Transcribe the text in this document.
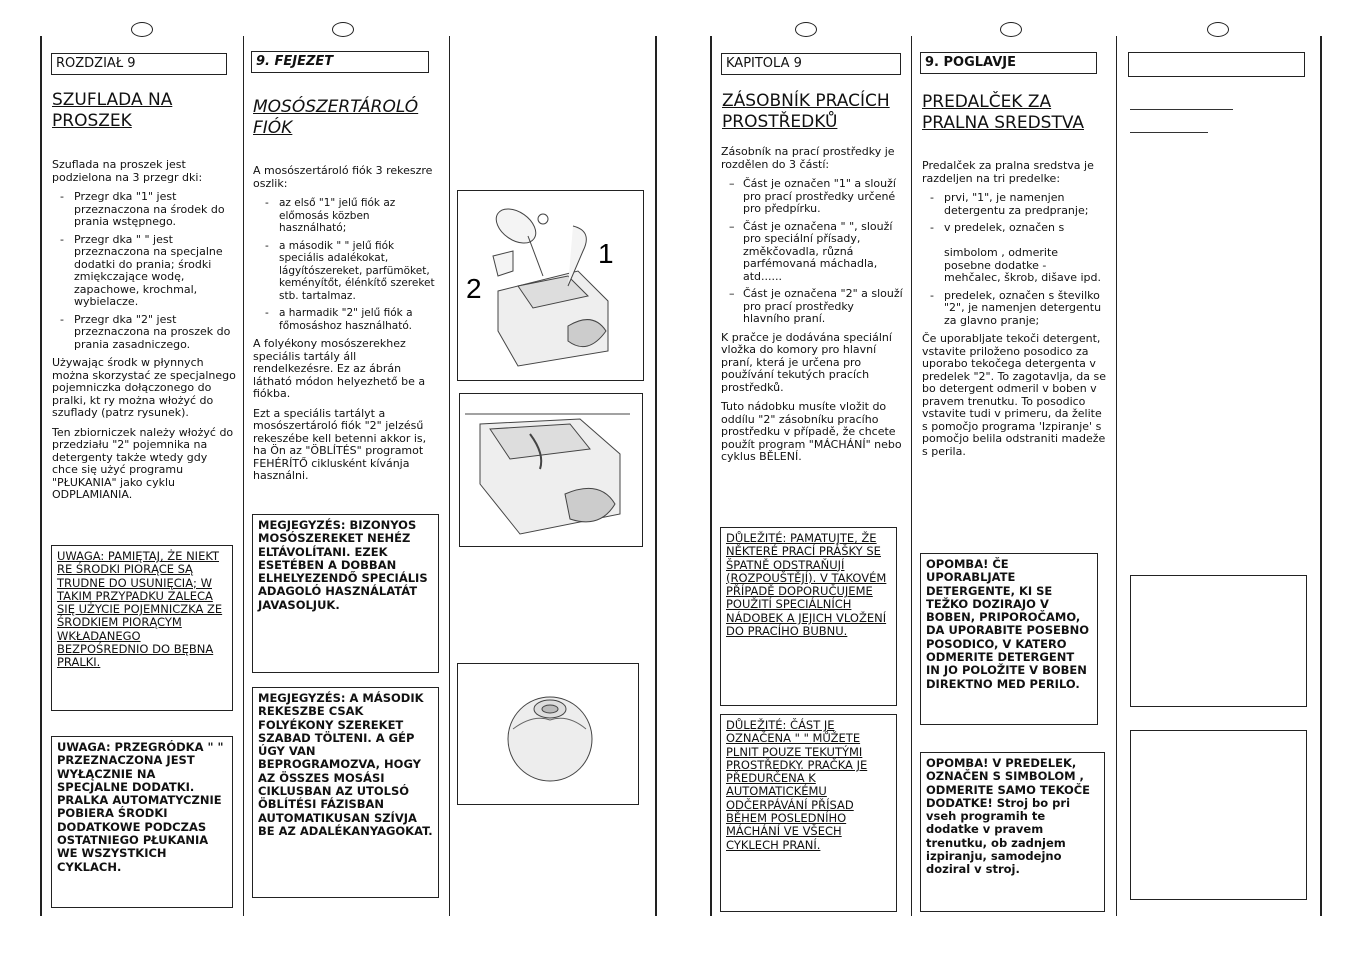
ROZDZIAŁ 9
SZUFLADA NA PROSZEK

Szuflada na proszek jest podzielona na 3 przegr dki:

- Przegr dka "1" jest przeznaczona na środek do prania wstępnego.
- Przegr dka " " jest przeznaczona na specjalne dodatki do prania; środki zmiękczające wodę, zapachowe, krochmal, wybielacze.
- Przegr dka "2" jest przeznaczona na proszek do prania zasadniczego.

Używając środk w płynnych można skorzystać ze specjalnego pojemniczka dołączonego do pralki, kt ry można włożyć do szuflady (patrz rysunek).

Ten zbiorniczek należy włożyć do przedziału "2" pojemnika na detergenty także wtedy gdy chce się użyć programu "PŁUKANIA" jako cyklu ODPLAMIANIA.

UWAGA: PAMIĘTAJ, ŻE NIEKT RE ŚRODKI PIORĄCE SĄ TRUDNE DO USUNIĘCIA; W TAKIM PRZYPADKU ZALECA SIĘ UŻYCIE POJEMNICZKA ZE ŚRODKIEM PIORĄCYM WKŁADANEGO BEZPOŚREDNIO DO BĘBNA PRALKI.
UWAGA: PRZEGRÓDKA " " PRZEZNACZONA JEST WYŁĄCZNIE NA SPECJALNE DODATKI. PRALKA AUTOMATYCZNIE POBIERA ŚRODKI DODATKOWE PODCZAS OSTATNIEGO PŁUKANIA WE WSZYSTKICH CYKLACH.
9. FEJEZET
MOSÓSZERTÁROLÓ FIÓK

A mosószertároló fiók 3 rekeszre oszlik:

- az első "1" jelű fiók az előmosás közben használható;
- a második " " jelű fiók speciális adalékokat, lágyítószereket, parfümöket, keményítőt, élénkítő szereket stb. tartalmaz.
- a harmadik "2" jelű fiók a főmosáshoz használható.

A folyékony mosószerekhez speciális tartály áll rendelkezésre. Ez az ábrán látható módon helyezhető be a fiókba.

Ezt a speciális tartályt a mosószertároló fiók "2" jelzésű rekeszébe kell betenni akkor is, ha Ön az "ÖBLÍTÉS" programot FEHÉRÍTŐ ciklusként kívánja használni.

MEGJEGYZÉS: BIZONYOS MOSÓSZEREKET NEHÉZ ELTÁVOLÍTANI. EZEK ESETÉBEN A DOBBAN ELHELYEZENDŐ SPECIÁLIS ADAGOLÓ HASZNÁLATÁT JAVASOLJUK.
MEGJEGYZÉS: A MÁSODIK REKESZBE CSAK FOLYÉKONY SZEREKET SZABAD TÖLTENI. A GÉP ÚGY VAN BEPROGRAMOZVA, HOGY AZ ÖSSZES MOSÁSI CIKLUSBAN AZ UTOLSÓ ÖBLÍTÉSI FÁZISBAN AUTOMATIKUSAN SZÍVJA BE AZ ADALÉKANYAGOKAT.
1
2
KAPITOLA 9
ZÁSOBNÍK PRACÍCH PROSTŘEDKŮ

Zásobník na prací prostředky je rozdělen do 3 částí:

– Část je označen "1" a slouží pro prací prostředky určené pro předpírku.
– Část je označena " ", slouží pro speciální přísady, změkčovadla, různá parfémovaná máchadla, atd......
– Část je označena "2" a slouží pro prací prostředky hlavního praní.

K pračce je dodávána speciální vložka do komory pro hlavní praní, která je určena pro používání tekutých pracích prostředků.

Tuto nádobku musíte vložit do oddílu "2" zásobníku pracího prostředku v případě, že chcete použít program "MÁCHÁNÍ" nebo cyklus BĚLENÍ.

DŮLEŽITÉ: PAMATUJTE, ŽE NĚKTERÉ PRACÍ PRÁŠKY SE ŠPATNĚ ODSTRAŇUJÍ (ROZPOUŠTĚJÍ). V TAKOVÉM PŘÍPADĚ DOPORUČUJEME POUŽITÍ SPECIÁLNÍCH NÁDOBEK A JEJICH VLOŽENÍ DO PRACÍHO BUBNU.
DŮLEŽITÉ: ČÁST JE OZNAČENA " " MŮŽETE PLNIT POUZE TEKUTÝMI PROSTŘEDKY. PRAČKA JE PŘEDURČENA K AUTOMATICKÉMU ODČERPÁVÁNÍ PŘÍSAD BĚHEM POSLEDNÍHO MÁCHÁNÍ VE VŠECH CYKLECH PRANÍ.
9. POGLAVJE
PREDALČEK ZA PRALNA SREDSTVA

Predalček za pralna sredstva je razdeljen na tri predelke:

- prvi, "1", je namenjen detergentu za predpranje;
- v predelek, označen s

simbolom , odmerite posebne dodatke - mehčalec, škrob, dišave ipd.
- predelek, označen s številko "2", je namenjen detergentu za glavno pranje;

Če uporabljate tekoči detergent, vstavite priloženo posodico za uporabo tekočega detergenta v predelek "2". To zagotavlja, da se bo detergent odmeril v boben v pravem trenutku. To posodico vstavite tudi v primeru, da želite s pomočjo programa 'Izpiranje' s pomočjo belila odstraniti madeže s perila.

OPOMBA! ČE UPORABLJATE DETERGENTE, KI SE TEŽKO DOZIRAJO V BOBEN, PRIPOROČAMO, DA UPORABITE POSEBNO POSODICO, V KATERO ODMERITE DETERGENT IN JO POLOŽITE V BOBEN DIREKTNO MED PERILO.
OPOMBA! V PREDELEK, OZNAČEN S SIMBOLOM , ODMERITE SAMO TEKOČE DODATKE! Stroj bo pri vseh programih te dodatke v pravem trenutku, ob zadnjem izpiranju, samodejno doziral v stroj.
